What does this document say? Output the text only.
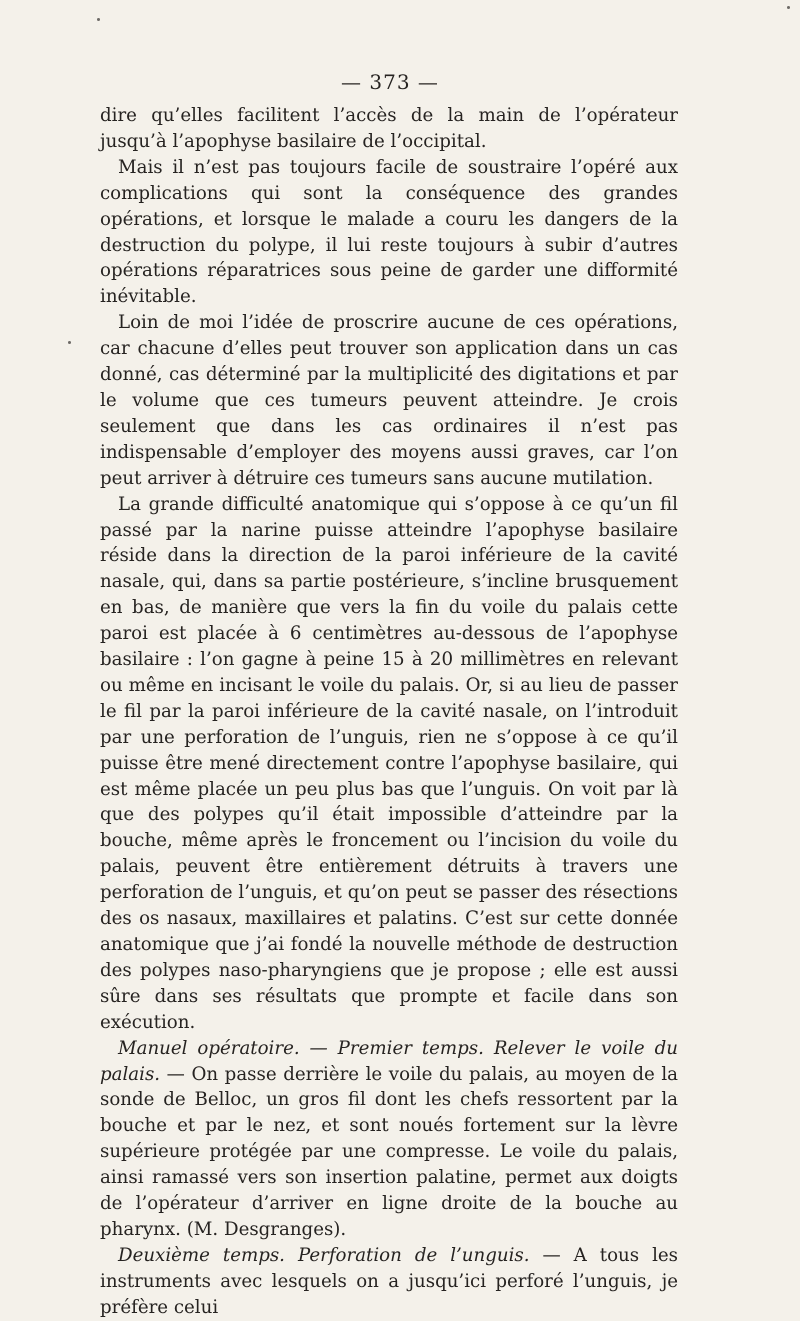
— 373 —

dire qu’elles facilitent l’accès de la main de l’opérateur jusqu’à l’apophyse basilaire de l’occipital.

Mais il n’est pas toujours facile de soustraire l’opéré aux complications qui sont la conséquence des grandes opérations, et lorsque le malade a couru les dangers de la destruction du polype, il lui reste toujours à subir d’autres opérations réparatrices sous peine de garder une difformité inévitable.

Loin de moi l’idée de proscrire aucune de ces opérations, car chacune d’elles peut trouver son application dans un cas donné, cas déterminé par la multiplicité des digitations et par le volume que ces tumeurs peuvent atteindre. Je crois seulement que dans les cas ordinaires il n’est pas indispensable d’employer des moyens aussi graves, car l’on peut arriver à détruire ces tumeurs sans aucune mutilation.

La grande difficulté anatomique qui s’oppose à ce qu’un fil passé par la narine puisse atteindre l’apophyse basilaire réside dans la direction de la paroi inférieure de la cavité nasale, qui, dans sa partie postérieure, s’incline brusquement en bas, de manière que vers la fin du voile du palais cette paroi est placée à 6 centimètres au-dessous de l’apophyse basilaire : l’on gagne à peine 15 à 20 millimètres en relevant ou même en incisant le voile du palais. Or, si au lieu de passer le fil par la paroi inférieure de la cavité nasale, on l’introduit par une perforation de l’unguis, rien ne s’oppose à ce qu’il puisse être mené directement contre l’apophyse basilaire, qui est même placée un peu plus bas que l’unguis. On voit par là que des polypes qu’il était impossible d’atteindre par la bouche, même après le froncement ou l’incision du voile du palais, peuvent être entièrement détruits à travers une perforation de l’unguis, et qu’on peut se passer des résections des os nasaux, maxillaires et palatins. C’est sur cette donnée anatomique que j’ai fondé la nouvelle méthode de destruction des polypes naso-pharyngiens que je propose ; elle est aussi sûre dans ses résultats que prompte et facile dans son exécution.

Manuel opératoire. — Premier temps. Relever le voile du palais. — On passe derrière le voile du palais, au moyen de la sonde de Belloc, un gros fil dont les chefs ressortent par la bouche et par le nez, et sont noués fortement sur la lèvre supérieure protégée par une compresse. Le voile du palais, ainsi ramassé vers son insertion palatine, permet aux doigts de l’opérateur d’arriver en ligne droite de la bouche au pharynx. (M. Desgranges).

Deuxième temps. Perforation de l’unguis. — A tous les instruments avec lesquels on a jusqu’ici perforé l’unguis, je préfère celui
